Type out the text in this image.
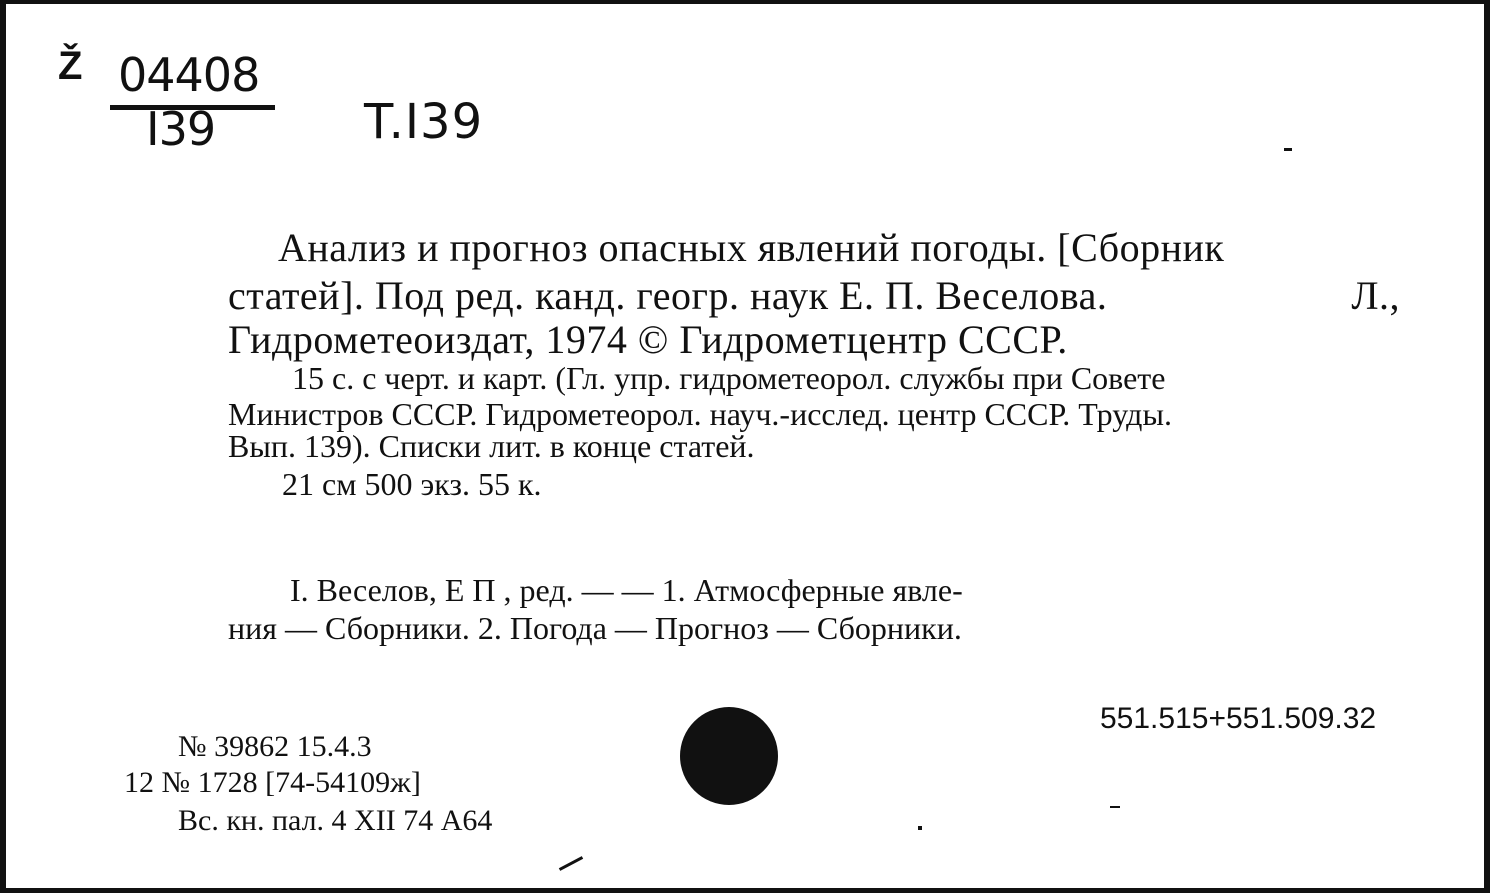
Ž 04408
I39	T.I39
Анализ и прогноз опасных явлений погоды. [Сборник
статей]. Под ред. канд. геогр. наук Е. П. Веселова.	Л.,
Гидрометеоиздат, 1974 © Гидрометцентр СССР.
15 с. с черт. и карт. (Гл. упр. гидрометеорол. службы при Совете
Министров СССР. Гидрометеорол. науч.-исслед. центр СССР. Труды.
Вып. 139). Списки лит. в конце статей.
21 см 500 экз. 55 к.
I. Веселов, Е П , ред. — — 1. Атмосферные явле-
ния — Сборники. 2. Погода — Прогноз — Сборники.
551.515+551.509.32
№ 39862 15.4.3
12 № 1728 [74-54109ж]
Вс. кн. пал. 4 XII 74 А64
